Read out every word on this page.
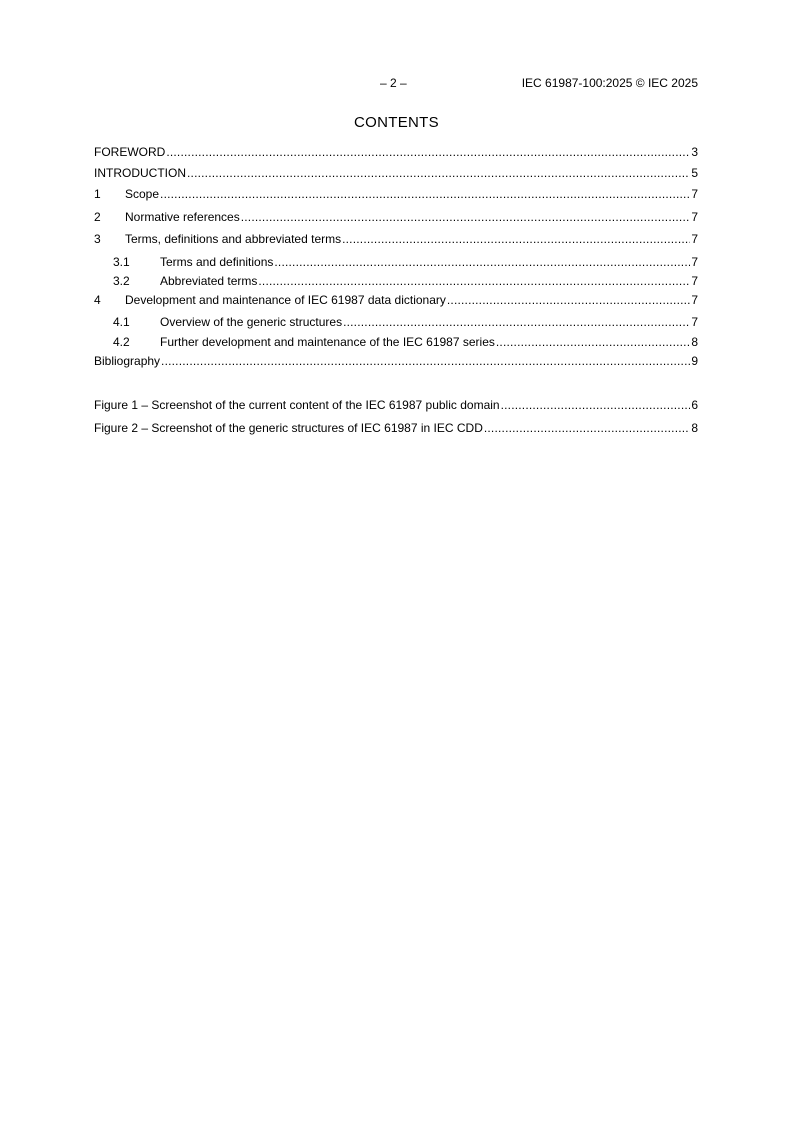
– 2 –	IEC 61987-100:2025 © IEC 2025
CONTENTS
FOREWORD .....	3
INTRODUCTION .....	5
1	Scope .....	7
2	Normative references .....	7
3	Terms, definitions and abbreviated terms .....	7
3.1	Terms and definitions .....	7
3.2	Abbreviated terms .....	7
4	Development and maintenance of IEC 61987 data dictionary .....	7
4.1	Overview of the generic structures .....	7
4.2	Further development and maintenance of the IEC 61987 series .....	8
Bibliography .....	9
Figure 1 – Screenshot of the current content of the IEC 61987 public domain .....	6
Figure 2 – Screenshot of the generic structures of IEC 61987 in IEC CDD .....	8
